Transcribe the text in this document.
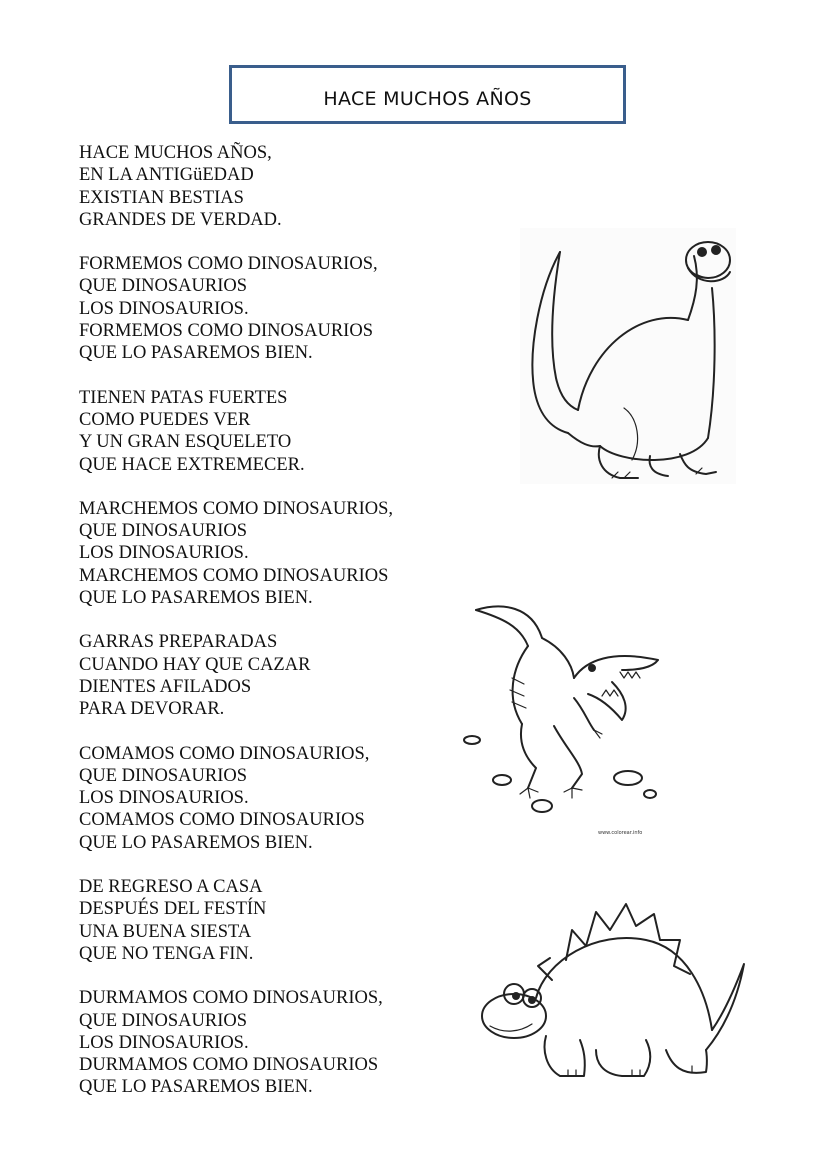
HACE MUCHOS AÑOS
HACE MUCHOS AÑOS,
EN LA ANTIGüEDAD
EXISTIAN BESTIAS
GRANDES DE VERDAD.
FORMEMOS COMO DINOSAURIOS,
QUE DINOSAURIOS
LOS DINOSAURIOS.
FORMEMOS COMO DINOSAURIOS
QUE LO PASAREMOS BIEN.
TIENEN PATAS FUERTES
COMO PUEDES VER
Y UN GRAN ESQUELETO
QUE HACE EXTREMECER.
MARCHEMOS COMO DINOSAURIOS,
QUE DINOSAURIOS
LOS DINOSAURIOS.
MARCHEMOS COMO DINOSAURIOS
QUE LO PASAREMOS BIEN.
GARRAS PREPARADAS
CUANDO HAY QUE CAZAR
DIENTES AFILADOS
PARA DEVORAR.
COMAMOS COMO DINOSAURIOS,
QUE DINOSAURIOS
LOS DINOSAURIOS.
COMAMOS COMO DINOSAURIOS
QUE LO PASAREMOS BIEN.
DE REGRESO A CASA
DESPUÉS DEL FESTÍN
UNA BUENA SIESTA
QUE NO TENGA FIN.
DURMAMOS COMO DINOSAURIOS,
QUE DINOSAURIOS
LOS DINOSAURIOS.
DURMAMOS COMO DINOSAURIOS
QUE LO PASAREMOS BIEN.
www.colorear.info
